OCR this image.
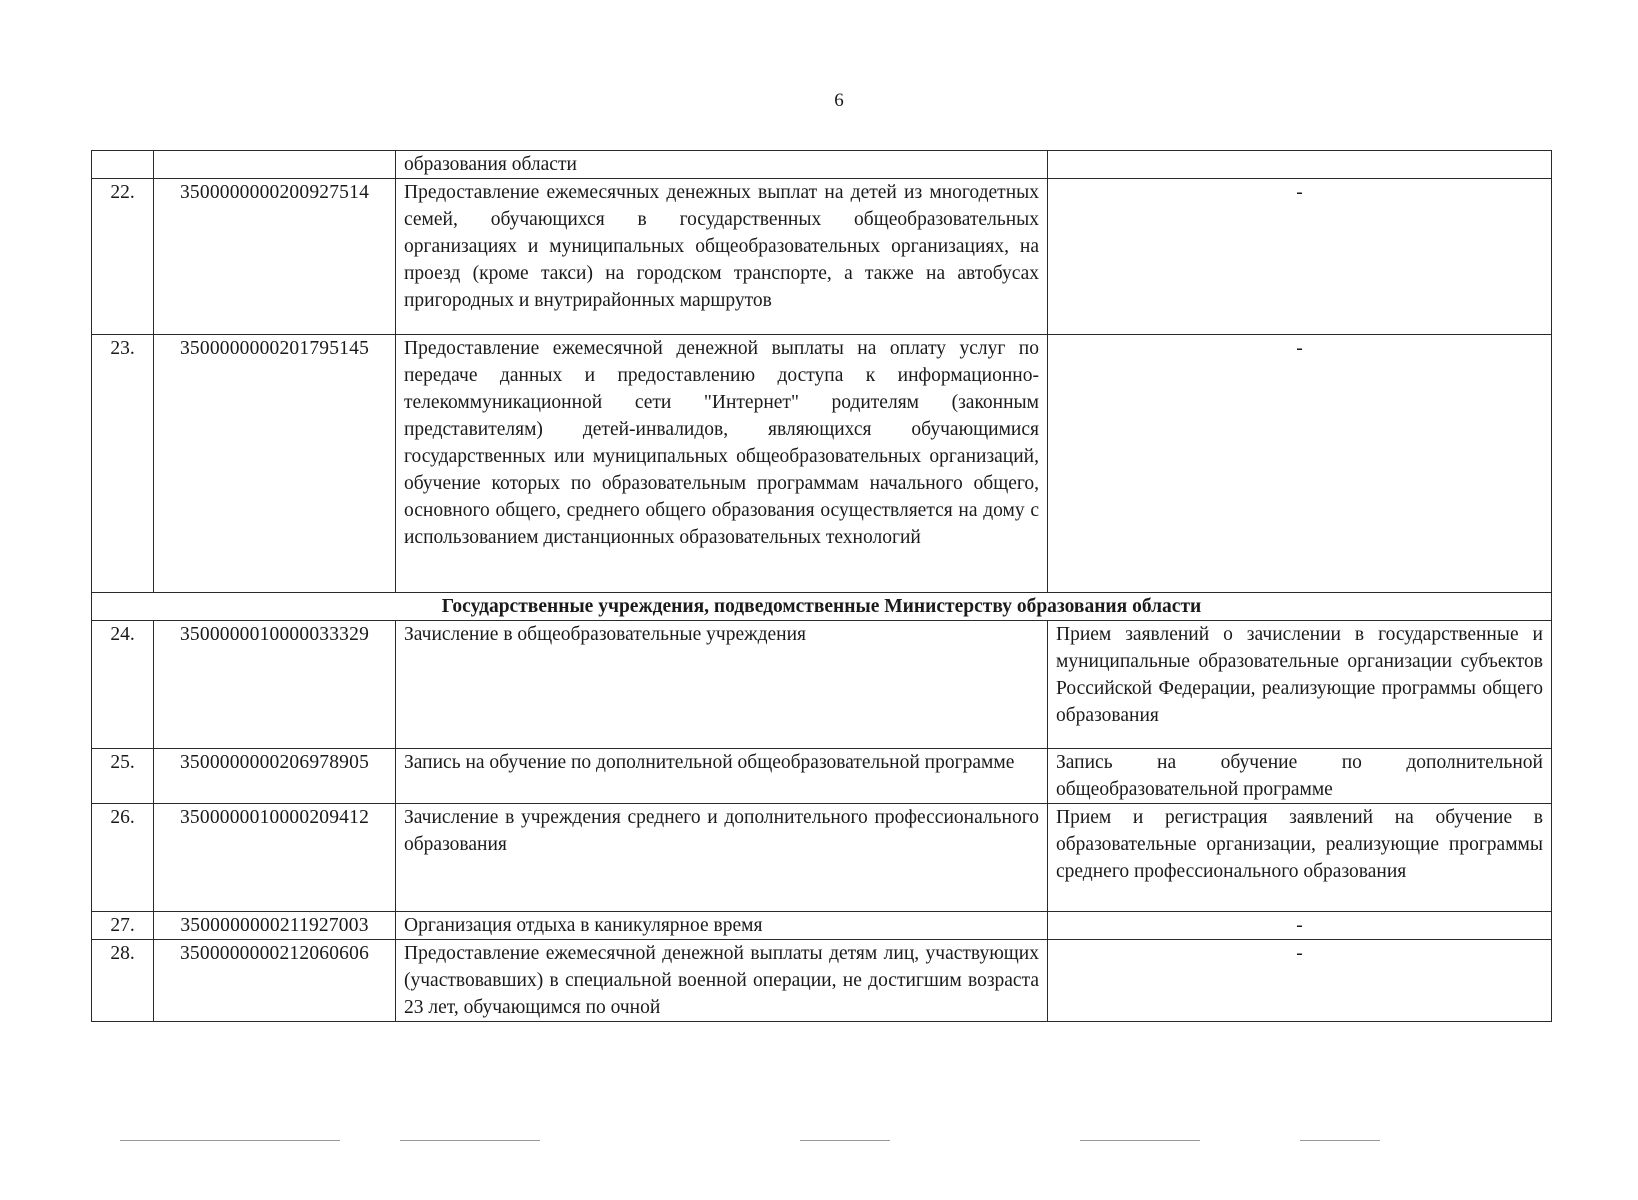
6
		образования области	
22.	3500000000200927514	Предоставление ежемесячных денежных выплат на детей из многодетных семей, обучающихся в государственных общеобразовательных организациях и муниципальных общеобразовательных организациях, на проезд (кроме такси) на городском транспорте, а также на автобусах пригородных и внутрирайонных маршрутов	-
23.	3500000000201795145	Предоставление ежемесячной денежной выплаты на оплату услуг по передаче данных и предоставлению доступа к информационно-телекоммуникационной сети "Интернет" родителям (законным представителям) детей-инвалидов, являющихся обучающимися государственных или муниципальных общеобразовательных организаций, обучение которых по образовательным программам начального общего, основного общего, среднего общего образования осуществляется на дому с использованием дистанционных образовательных технологий	-
Государственные учреждения, подведомственные Министерству образования области			
24.	3500000010000033329	Зачисление в общеобразовательные учреждения	Прием заявлений о зачислении в государственные и муниципальные образовательные организации субъектов Российской Федерации, реализующие программы общего образования
25.	3500000000206978905	Запись на обучение по дополнительной общеобразовательной программе	Запись на обучение по дополнительной общеобразовательной программе
26.	3500000010000209412	Зачисление в учреждения среднего и дополнительного профессионального образования	Прием и регистрация заявлений на обучение в образовательные организации, реализующие программы среднего профессионального образования
27.	3500000000211927003	Организация отдыха в каникулярное время	-
28.	3500000000212060606	Предоставление ежемесячной денежной выплаты детям лиц, участвующих (участвовавших) в специальной военной операции, не достигшим возраста 23 лет, обучающимся по очной	-
